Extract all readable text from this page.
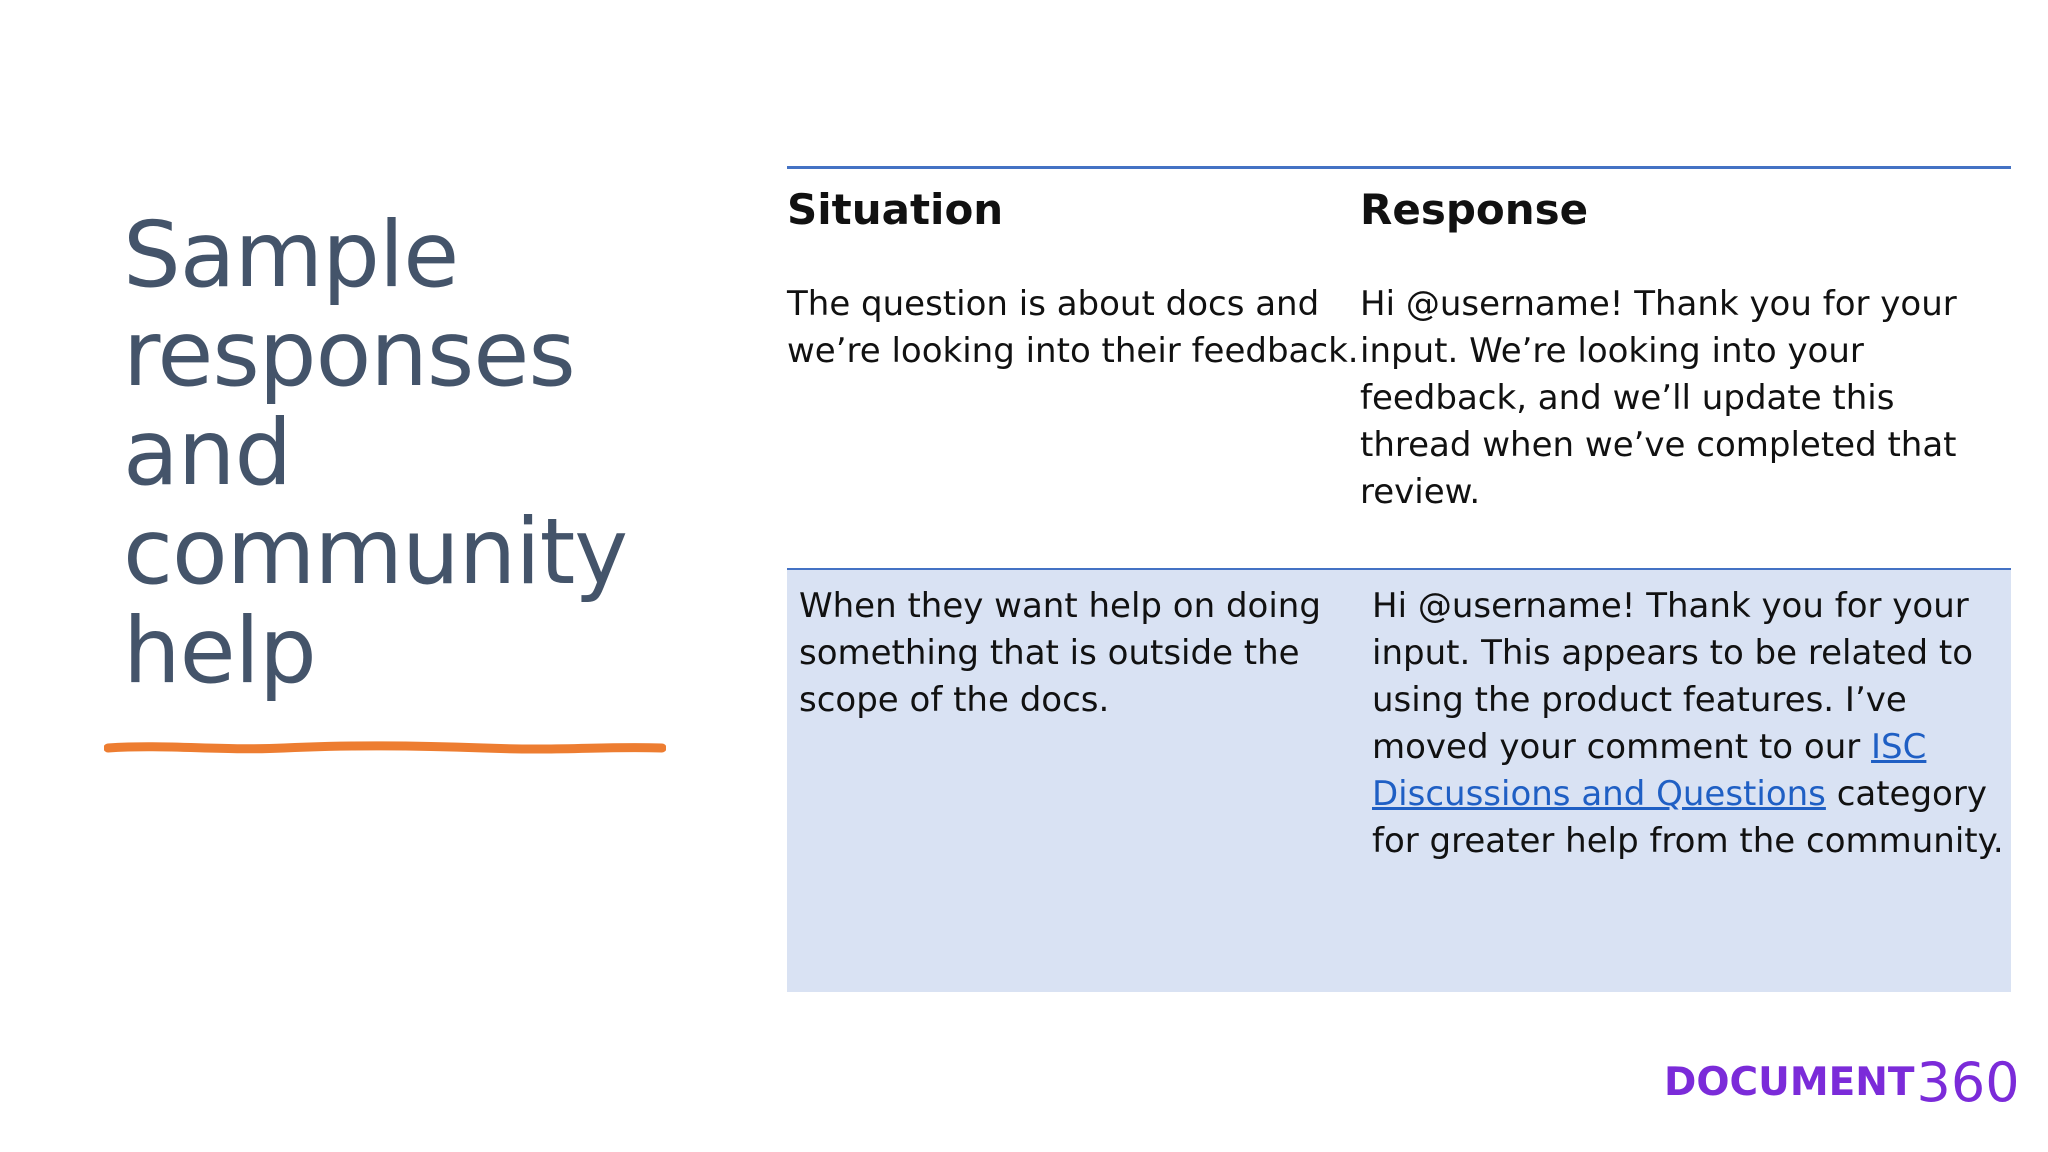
Sample
responses
and
community
help
Situation	Response
The question is about docs and we’re looking into their feedback.
Hi @username! Thank you for your input. We’re looking into your feedback, and we’ll update this thread when we’ve completed that review.
When they want help on doing something that is outside the scope of the docs.
Hi @username! Thank you for your input. This appears to be related to using the product features. I’ve moved your comment to our ISC Discussions and Questions category for greater help from the community.
DOCUMENT 360
